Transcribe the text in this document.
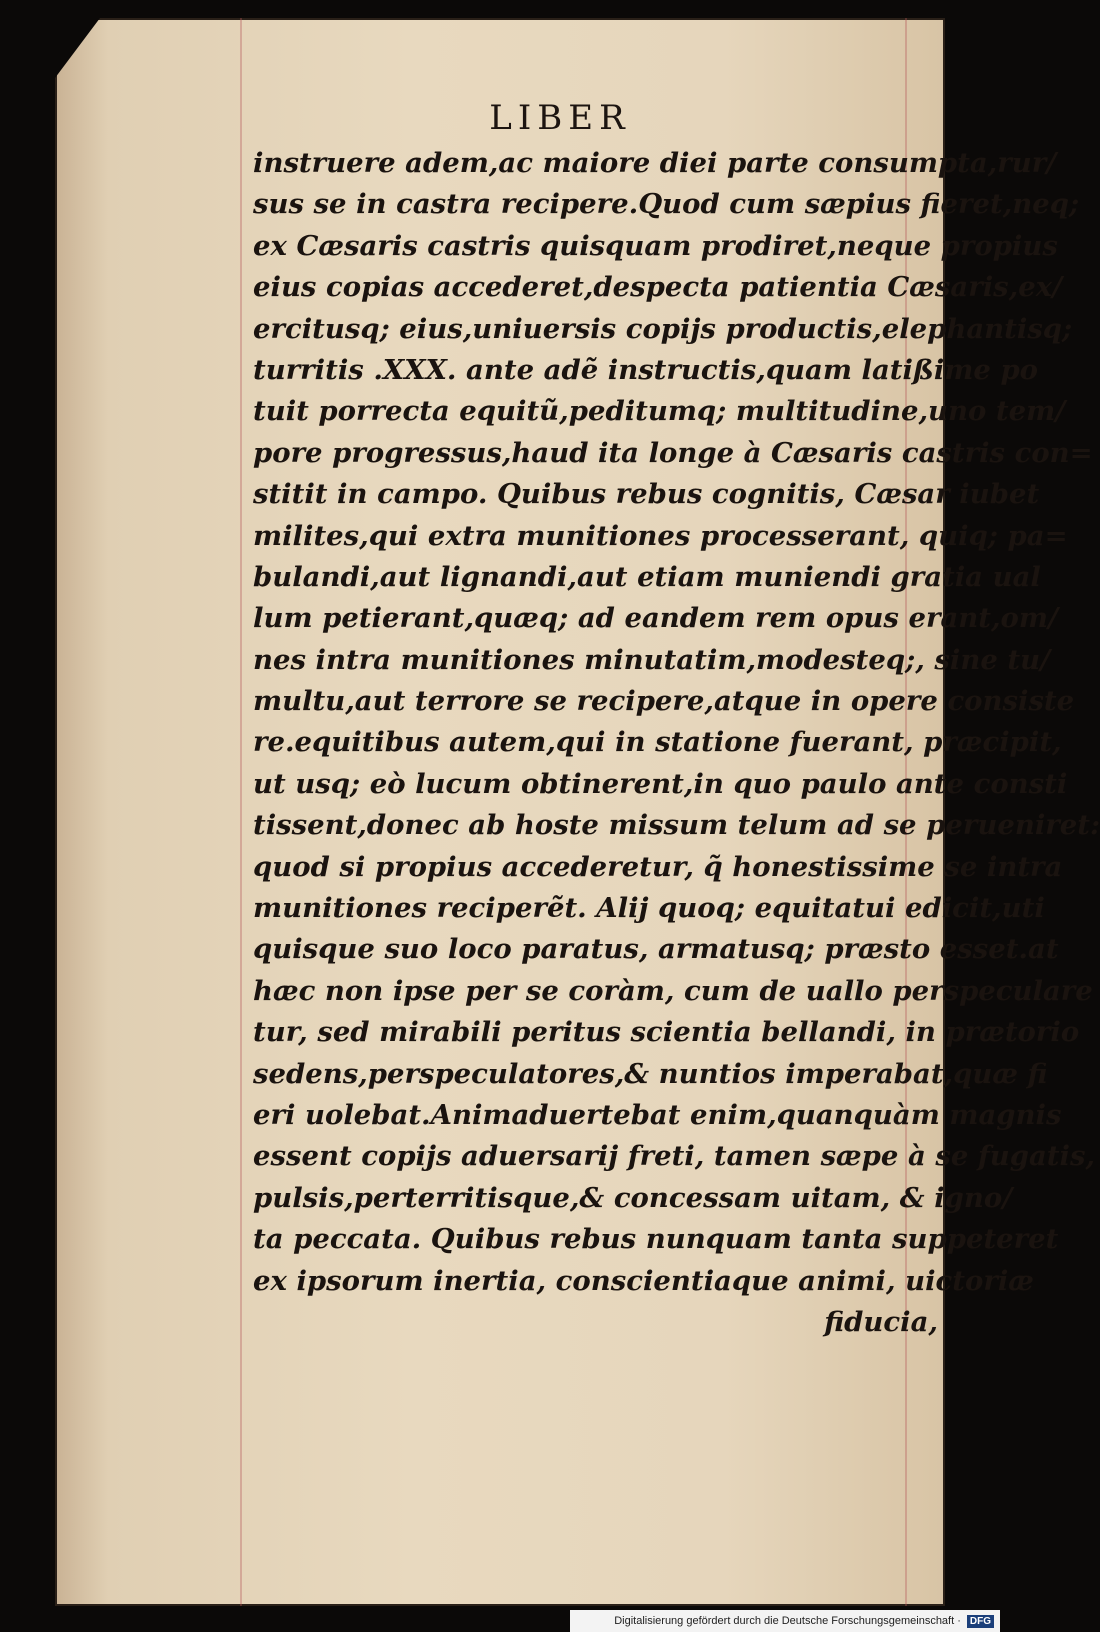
LIBER
instruere adem,ac maiore diei parte consumpta,rur/
sus se in castra recipere.Quod cum sæpius fieret,neq;
ex Cæsaris castris quisquam prodiret,neque propius
eius copias accederet,despecta patientia Cæsaris,ex/
ercitusq; eius,uniuersis copijs productis,elephantisq;
turritis .XXX. ante adẽ instructis,quam latißime po
tuit porrecta equitũ,peditumq; multitudine,uno tem/
pore progressus,haud ita longe à Cæsaris castris con=
stitit in campo. Quibus rebus cognitis, Cæsar iubet
milites,qui extra munitiones processerant, quiq; pa=
bulandi,aut lignandi,aut etiam muniendi gratia ual
lum petierant,quæq; ad eandem rem opus erant,om/
nes intra munitiones minutatim,modesteq;, sine tu/
multu,aut terrore se recipere,atque in opere consiste
re.equitibus autem,qui in statione fuerant, præcipit,
ut usq; eò lucum obtinerent,in quo paulo ante consti
tissent,donec ab hoste missum telum ad se perueniret:
quod si propius accederetur, q̃ honestissime se intra
munitiones reciperẽt. Alij quoq; equitatui edicit,uti
quisque suo loco paratus, armatusq; præsto esset.at
hæc non ipse per se coràm, cum de uallo perspeculare
tur, sed mirabili peritus scientia bellandi, in prætorio
sedens,perspeculatores,& nuntios imperabat,quæ fi
eri uolebat.Animaduertebat enim,quanquàm magnis
essent copijs aduersarij freti, tamen sæpe à se fugatis,
pulsis,perterritisque,& concessam uitam, & igno/
ta peccata. Quibus rebus nunquam tanta suppeteret
ex ipsorum inertia, conscientiaque animi, uictoriæ
fiducia,
Digitalisierung gefördert durch die Deutsche Forschungsgemeinschaft · DFG
